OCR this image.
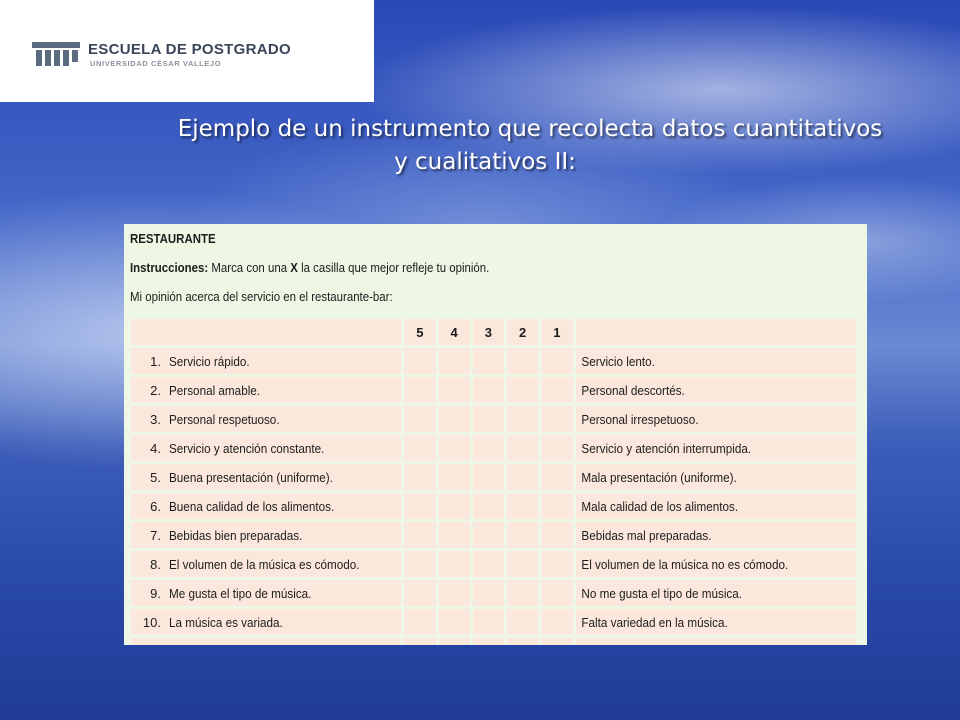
ESCUELA DE POSTGRADO
UNIVERSIDAD CÉSAR VALLEJO
Ejemplo de un instrumento que recolecta datos cuantitativos
y cualitativos II:
RESTAURANTE
Instrucciones: Marca con una X la casilla que mejor refleje tu opinión.
Mi opinión acerca del servicio en el restaurante-bar:
	5	4	3	2	1	
1. Servicio rápido.						Servicio lento.
2. Personal amable.						Personal descortés.
3. Personal respetuoso.						Personal irrespetuoso.
4. Servicio y atención constante.						Servicio y atención interrumpida.
5. Buena presentación (uniforme).						Mala presentación (uniforme).
6. Buena calidad de los alimentos.						Mala calidad de los alimentos.
7. Bebidas bien preparadas.						Bebidas mal preparadas.
8. El volumen de la música es cómodo.						El volumen de la música no es cómodo.
9. Me gusta el tipo de música.						No me gusta el tipo de música.
10. La música es variada.						Falta variedad en la música.
